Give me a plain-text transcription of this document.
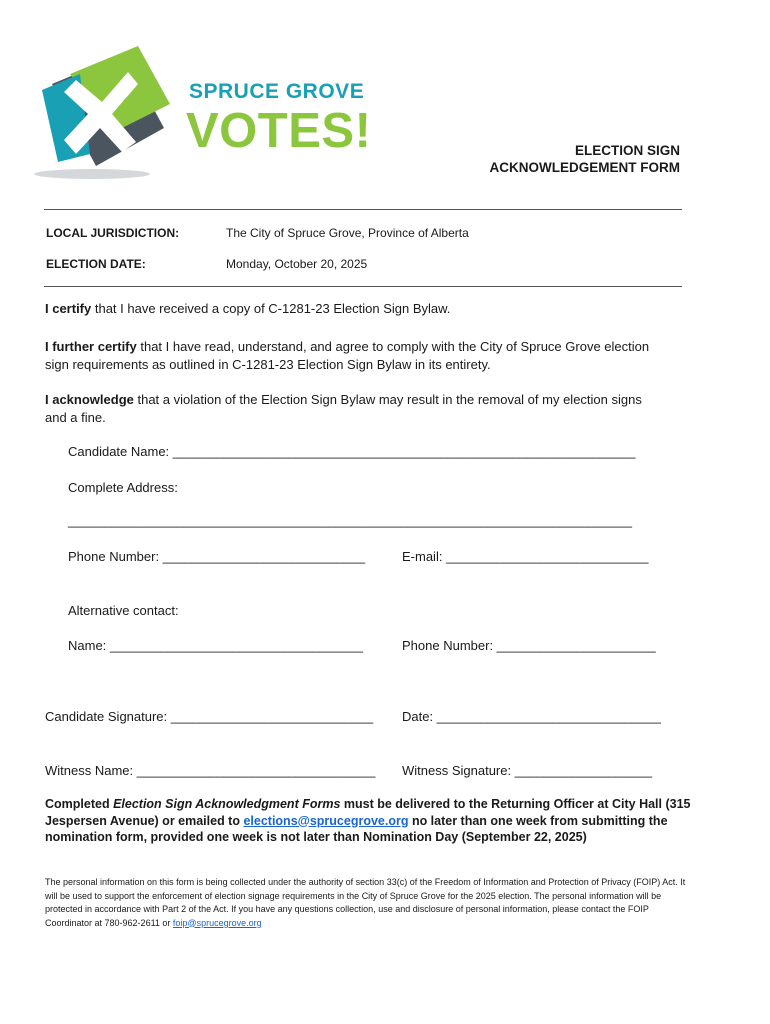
SPRUCE GROVE
VOTES!	ELECTION SIGN
ACKNOWLEDGEMENT FORM
LOCAL JURISDICTION:	The City of Spruce Grove, Province of Alberta
ELECTION DATE:	Monday, October 20, 2025
I certify that I have received a copy of C-1281-23 Election Sign Bylaw.
I further certify that I have read, understand, and agree to comply with the City of Spruce Grove election sign requirements as outlined in C-1281-23 Election Sign Bylaw in its entirety.
I acknowledge that a violation of the Election Sign Bylaw may result in the removal of my election signs and a fine.
Candidate Name: ________________________________________________________________
Complete Address:
______________________________________________________________________________
Phone Number: ____________________________	E-mail: ____________________________
Alternative contact:
Name: ___________________________________	Phone Number: ______________________
Candidate Signature: ____________________________ Date: _______________________________
Witness Name: _________________________________ Witness Signature: ___________________
Completed Election Sign Acknowledgment Forms must be delivered to the Returning Officer at City Hall (315 Jespersen Avenue) or emailed to elections@sprucegrove.org no later than one week from submitting the nomination form, provided one week is not later than Nomination Day (September 22, 2025)
The personal information on this form is being collected under the authority of section 33(c) of the Freedom of Information and Protection of Privacy (FOIP) Act. It will be used to support the enforcement of election signage requirements in the City of Spruce Grove for the 2025 election. The personal information will be protected in accordance with Part 2 of the Act. If you have any questions collection, use and disclosure of personal information, please contact the FOIP Coordinator at 780-962-2611 or foip@sprucegrove.org
